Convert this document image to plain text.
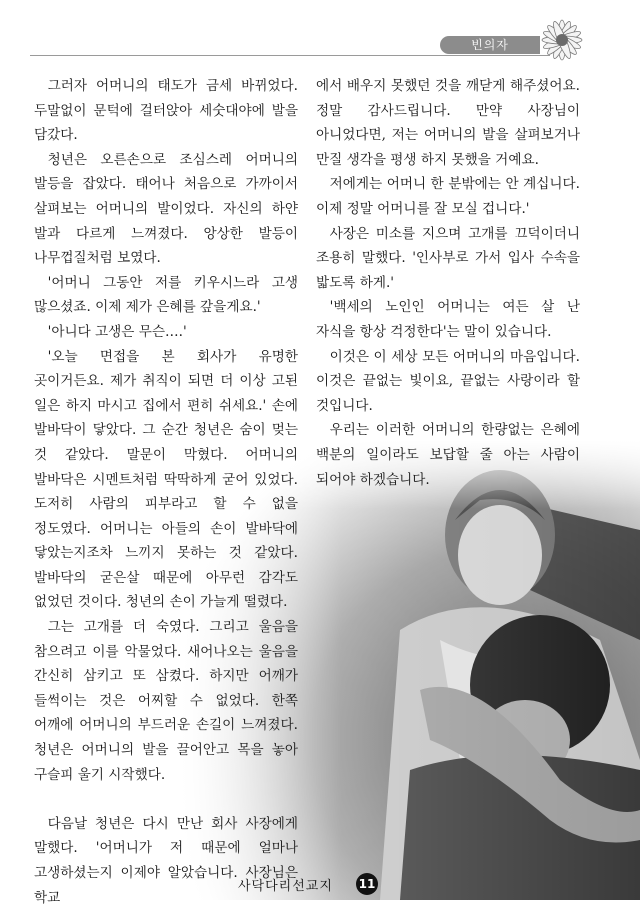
빈의자

그러자 어머니의 태도가 금세 바뀌었다. 두말없이 문턱에 걸터앉아 세숫대야에 발을 담갔다.

청년은 오른손으로 조심스레 어머니의 발등을 잡았다. 태어나 처음으로 가까이서 살펴보는 어머니의 발이었다. 자신의 하얀 발과 다르게 느껴졌다. 앙상한 발등이 나무껍질처럼 보였다.

'어머니 그동안 저를 키우시느라 고생 많으셨죠. 이제 제가 은혜를 갚을게요.'

'아니다 고생은 무슨….'

'오늘 면접을 본 회사가 유명한 곳이거든요. 제가 취직이 되면 더 이상 고된 일은 하지 마시고 집에서 편히 쉬세요.' 손에 발바닥이 닿았다. 그 순간 청년은 숨이 멎는 것 같았다. 말문이 막혔다. 어머니의 발바닥은 시멘트처럼 딱딱하게 굳어 있었다. 도저히 사람의 피부라고 할 수 없을 정도였다. 어머니는 아들의 손이 발바닥에 닿았는지조차 느끼지 못하는 것 같았다. 발바닥의 굳은살 때문에 아무런 감각도 없었던 것이다. 청년의 손이 가늘게 떨렸다.

그는 고개를 더 숙였다. 그리고 울음을 참으려고 이를 악물었다. 새어나오는 울음을 간신히 삼키고 또 삼켰다. 하지만 어깨가 들썩이는 것은 어찌할 수 없었다. 한쪽 어깨에 어머니의 부드러운 손길이 느껴졌다. 청년은 어머니의 발을 끌어안고 목을 놓아 구슬피 울기 시작했다.

다음날 청년은 다시 만난 회사 사장에게 말했다. '어머니가 저 때문에 얼마나 고생하셨는지 이제야 알았습니다. 사장님은 학교

에서 배우지 못했던 것을 깨닫게 해주셨어요. 정말 감사드립니다. 만약 사장님이 아니었다면, 저는 어머니의 발을 살펴보거나 만질 생각을 평생 하지 못했을 거예요.

저에게는 어머니 한 분밖에는 안 계십니다. 이제 정말 어머니를 잘 모실 겁니다.'

사장은 미소를 지으며 고개를 끄덕이더니 조용히 말했다. '인사부로 가서 입사 수속을 밟도록 하게.'

'백세의 노인인 어머니는 여든 살 난 자식을 항상 걱정한다'는 말이 있습니다.

이것은 이 세상 모든 어머니의 마음입니다. 이것은 끝없는 빛이요, 끝없는 사랑이라 할 것입니다.

우리는 이러한 어머니의 한량없는 은혜에 백분의 일이라도 보답할 줄 아는 사람이 되어야 하겠습니다.

사닥다리선교지 11
